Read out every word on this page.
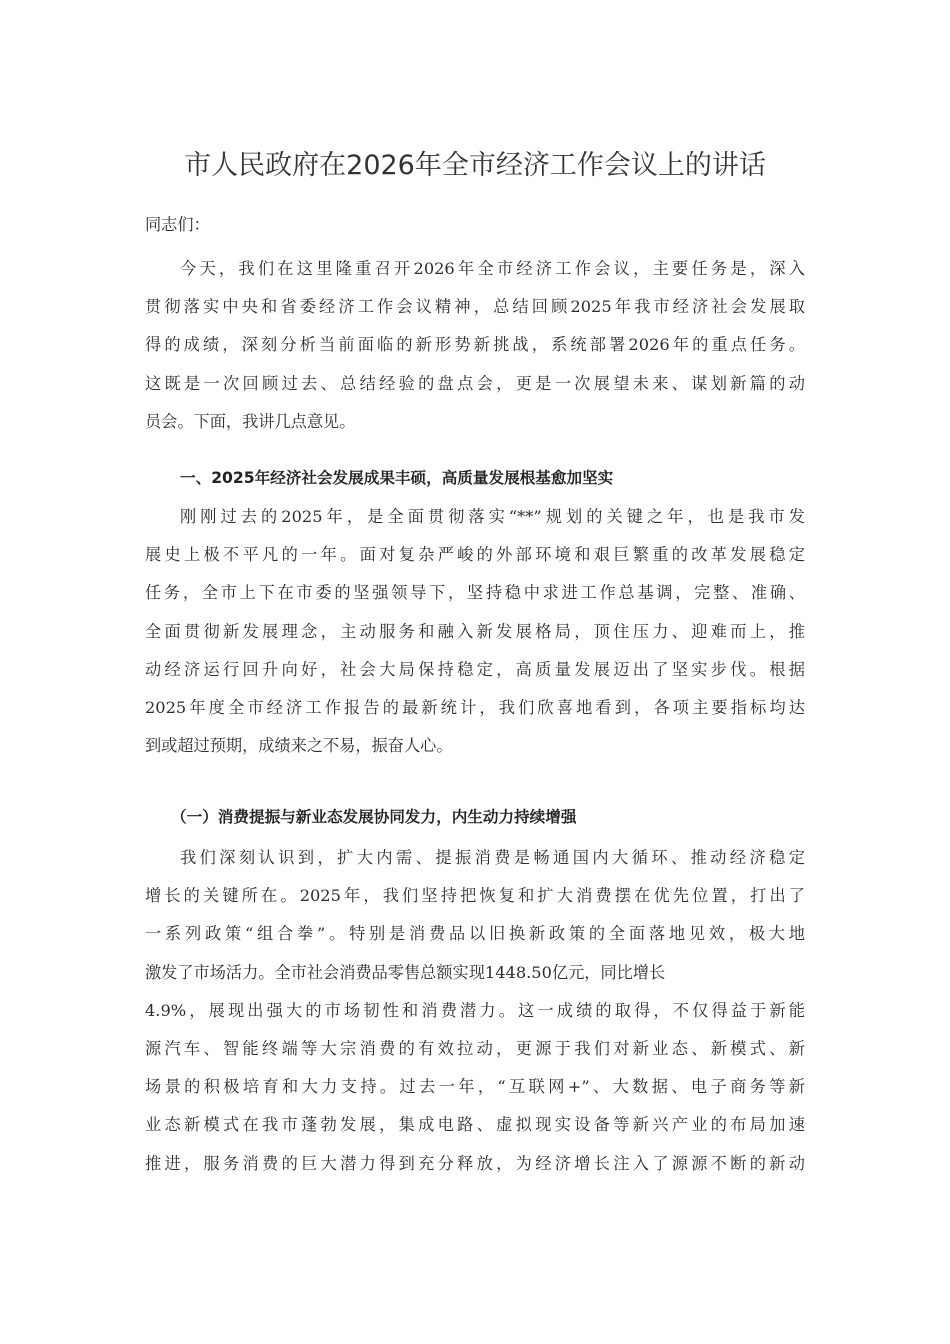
市人民政府在2026年全市经济工作会议上的讲话
同志们：
今天，我们在这里隆重召开2026年全市经济工作会议，主要任务是，深入
贯彻落实中央和省委经济工作会议精神，总结回顾2025年我市经济社会发展取
得的成绩，深刻分析当前面临的新形势新挑战，系统部署2026年的重点任务。
这既是一次回顾过去、总结经验的盘点会，更是一次展望未来、谋划新篇的动
员会。下面，我讲几点意见。
一、2025年经济社会发展成果丰硕，高质量发展根基愈加坚实
刚刚过去的2025年，是全面贯彻落实“**”规划的关键之年，也是我市发
展史上极不平凡的一年。面对复杂严峻的外部环境和艰巨繁重的改革发展稳定
任务，全市上下在市委的坚强领导下，坚持稳中求进工作总基调，完整、准确、
全面贯彻新发展理念，主动服务和融入新发展格局，顶住压力、迎难而上，推
动经济运行回升向好，社会大局保持稳定，高质量发展迈出了坚实步伐。根据
2025年度全市经济工作报告的最新统计，我们欣喜地看到，各项主要指标均达
到或超过预期，成绩来之不易，振奋人心。
（一）消费提振与新业态发展协同发力，内生动力持续增强
我们深刻认识到，扩大内需、提振消费是畅通国内大循环、推动经济稳定
增长的关键所在。2025年，我们坚持把恢复和扩大消费摆在优先位置，打出了
一系列政策“组合拳”。特别是消费品以旧换新政策的全面落地见效，极大地
激发了市场活力。全市社会消费品零售总额实现1448.50亿元，同比增长
4.9%，展现出强大的市场韧性和消费潜力。这一成绩的取得，不仅得益于新能
源汽车、智能终端等大宗消费的有效拉动，更源于我们对新业态、新模式、新
场景的积极培育和大力支持。过去一年，“互联网+”、大数据、电子商务等新
业态新模式在我市蓬勃发展，集成电路、虚拟现实设备等新兴产业的布局加速
推进，服务消费的巨大潜力得到充分释放，为经济增长注入了源源不断的新动
